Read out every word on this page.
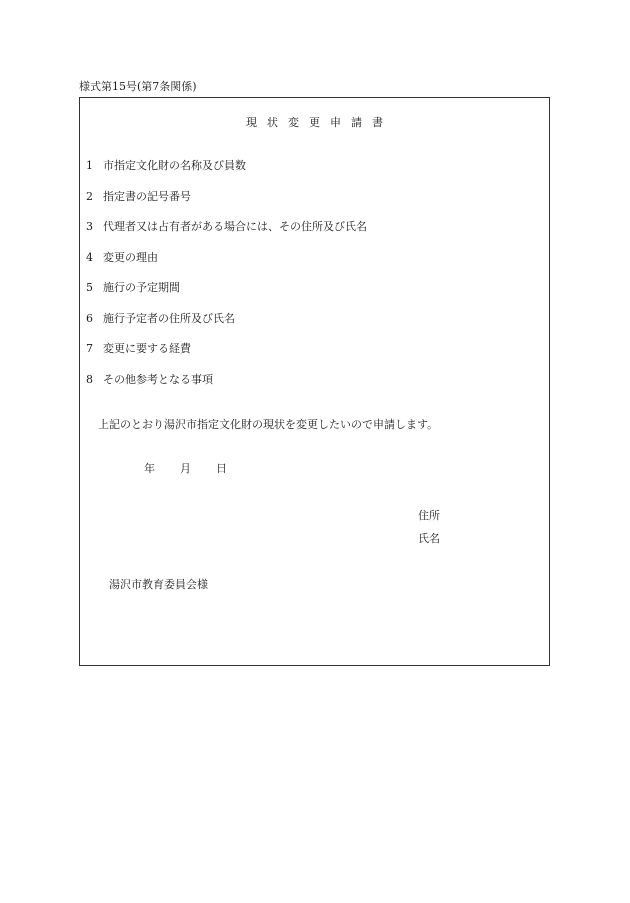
様式第15号(第7条関係)
現状変更申請書
1 市指定文化財の名称及び員数
2 指定書の記号番号
3 代理者又は占有者がある場合には、その住所及び氏名
4 変更の理由
5 施行の予定期間
6 施行予定者の住所及び氏名
7 変更に要する経費
8 その他参考となる事項
上記のとおり湯沢市指定文化財の現状を変更したいので申請します。
年 月 日
住所
氏名
湯沢市教育委員会様
